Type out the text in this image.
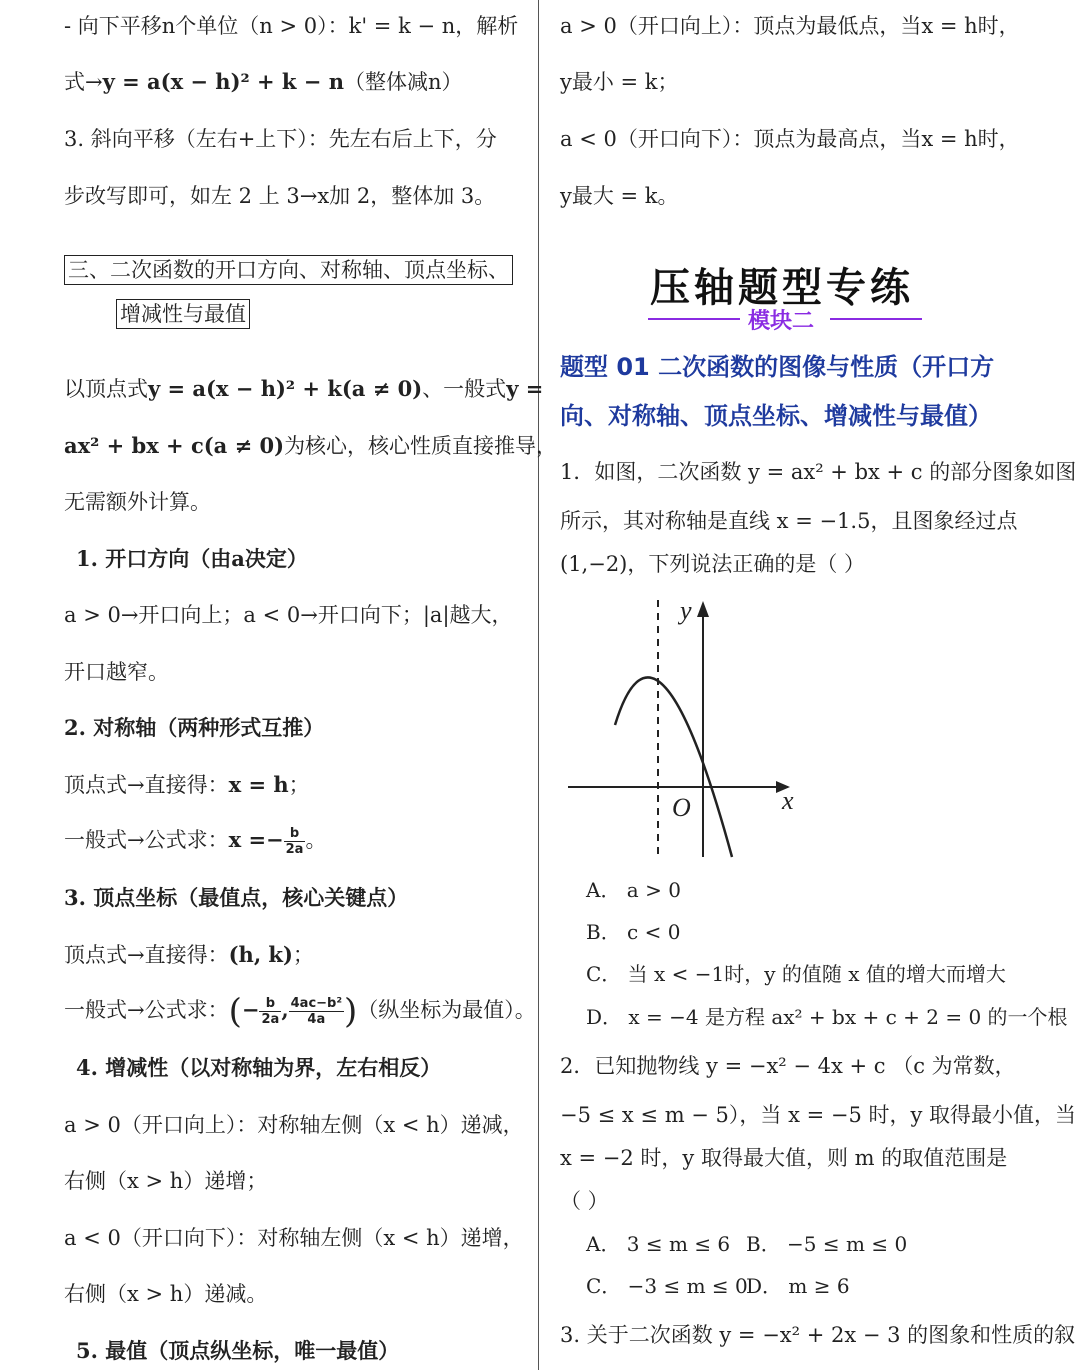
- 向下平移n个单位（n > 0）：k' = k − n，解析
式→y = a(x − h)² + k − n（整体减n）
3. 斜向平移（左右+上下）：先左右后上下，分
步改写即可，如左 2 上 3→x加 2，整体加 3。
三、二次函数的开口方向、对称轴、顶点坐标、
增减性与最值
以顶点式y = a(x − h)² + k(a ≠ 0)、一般式y =
ax² + bx + c(a ≠ 0)为核心，核心性质直接推导，
无需额外计算。
1. 开口方向（由a决定）
a > 0→开口向上；a < 0→开口向下；|a|越大，
开口越窄。
2. 对称轴（两种形式互推）
顶点式→直接得：x = h；
一般式→公式求：$x =- \frac{b}{2a}$ 。
3. 顶点坐标（最值点，核心关键点）
顶点式→直接得：(h, k)；
一般式→公式求：(− $\frac{b}{2a}$ , $\frac{\text{4ac−b²}}{4a}$ )（纵坐标为最值）。
4. 增减性（以对称轴为界，左右相反）
a > 0（开口向上）：对称轴左侧（x < h）递减，
右侧（x > h）递增；
a < 0（开口向下）：对称轴左侧（x < h）递增，
右侧（x > h）递减。
5. 最值（顶点纵坐标，唯一最值）
a > 0（开口向上）：顶点为最低点，当x = h时，
y最小 = k；
a < 0（开口向下）：顶点为最高点，当x = h时，
y最大 = k。
压轴题型专练
模块二
题型 01 二次函数的图像与性质（开口方
向、对称轴、顶点坐标、增减性与最值）
1．如图，二次函数 y = ax² + bx + c 的部分图象如图
所示，其对称轴是直线 x = −1.5，且图象经过点
(1,−2)，下列说法正确的是（ ）
y
x
O
A． a > 0
B． c < 0
C． 当 x < −1时，y 的值随 x 值的增大而增大
D． x = −4 是方程 ax² + bx + c + 2 = 0 的一个根
2．已知抛物线 y = −x² − 4x + c （c 为常数，
−5 ≤ x ≤ m − 5），当 x = −5 时，y 取得最小值，当
x = −2 时，y 取得最大值，则 m 的取值范围是
（ ）
A． 3 ≤ m ≤ 6 B． −5 ≤ m ≤ 0
C． −3 ≤ m ≤ 0
D． m ≥ 6
3. 关于二次函数 y = −x² + 2x − 3 的图象和性质的叙
